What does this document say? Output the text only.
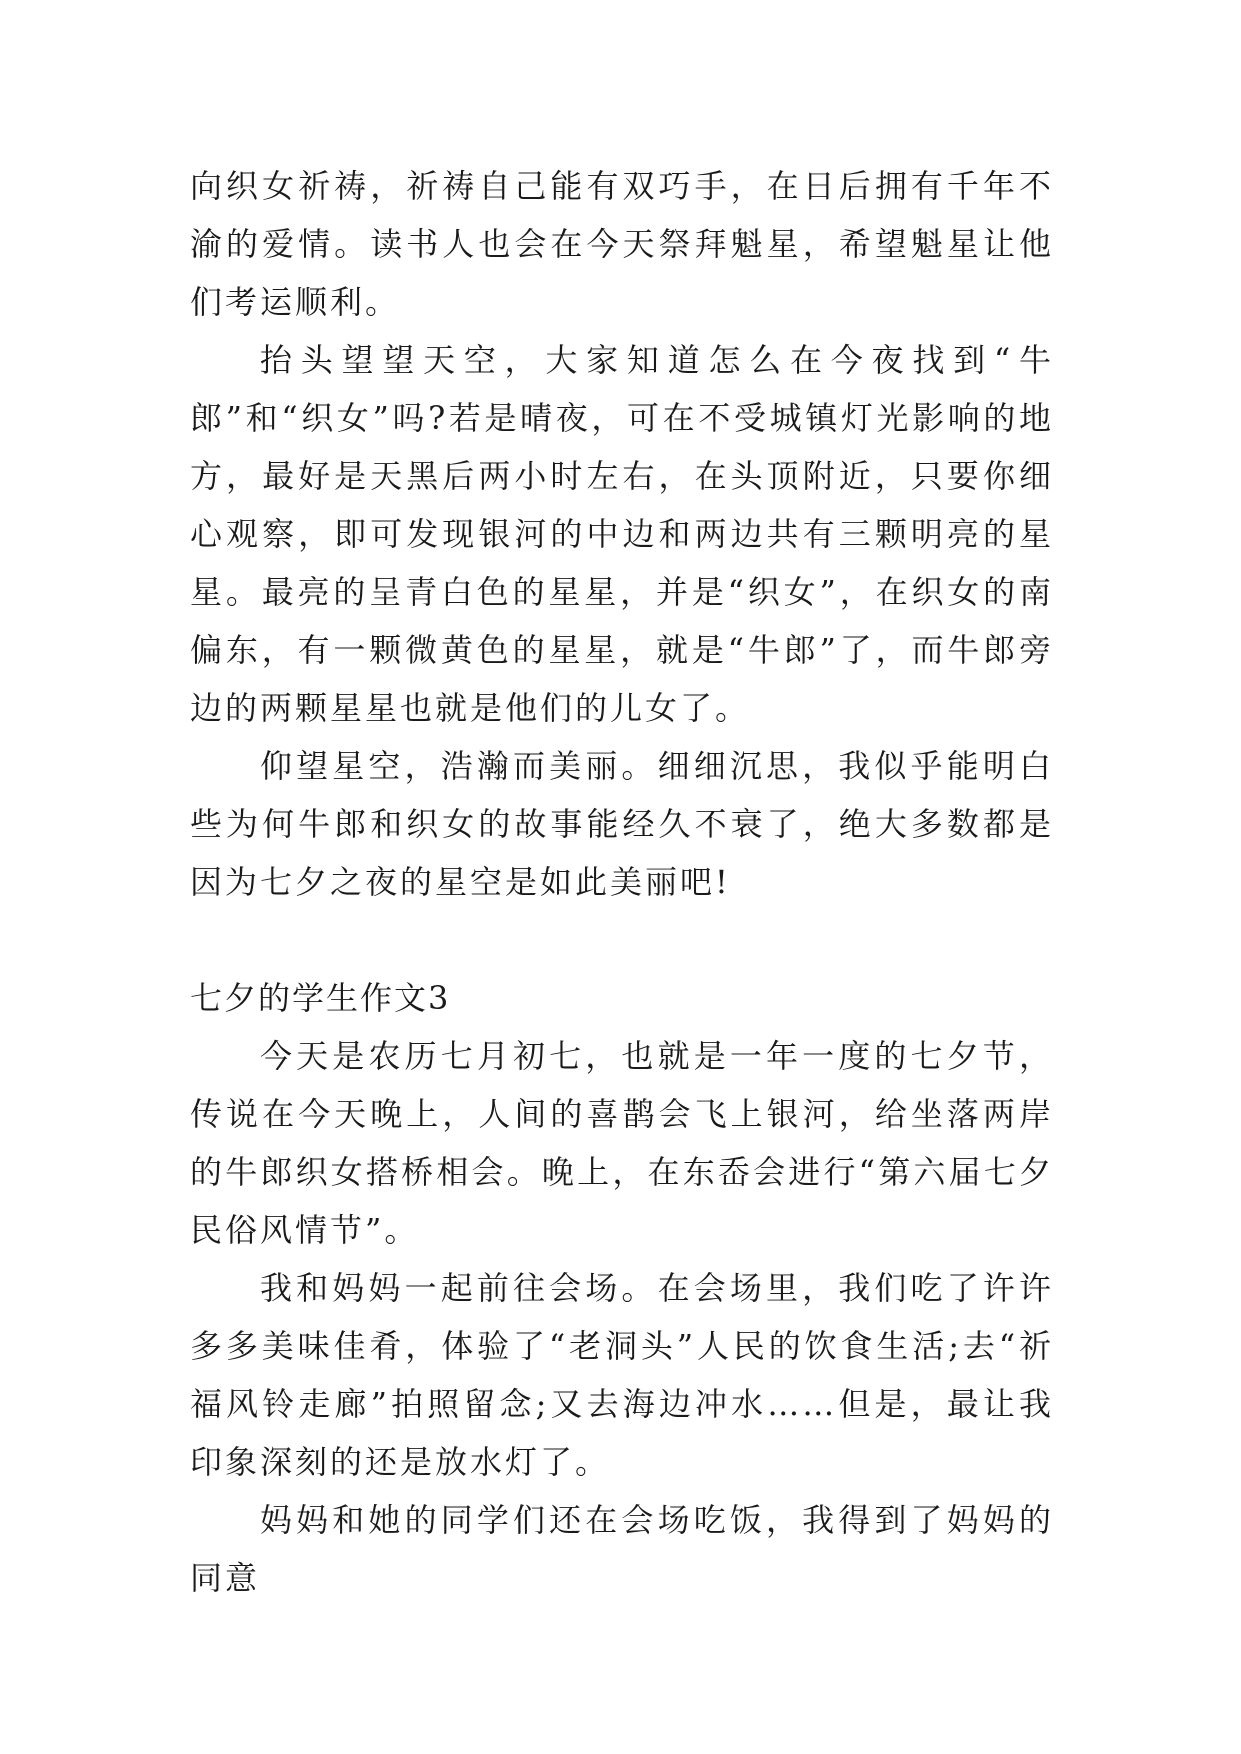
向织女祈祷，祈祷自己能有双巧手，在日后拥有千年不渝的爱情。读书人也会在今天祭拜魁星，希望魁星让他们考运顺利。

抬头望望天空，大家知道怎么在今夜找到“牛郎”和“织女”吗?若是晴夜，可在不受城镇灯光影响的地方，最好是天黑后两小时左右，在头顶附近，只要你细心观察，即可发现银河的中边和两边共有三颗明亮的星星。最亮的呈青白色的星星，并是“织女”，在织女的南偏东，有一颗微黄色的星星，就是“牛郎”了，而牛郎旁边的两颗星星也就是他们的儿女了。

仰望星空，浩瀚而美丽。细细沉思，我似乎能明白些为何牛郎和织女的故事能经久不衰了，绝大多数都是因为七夕之夜的星空是如此美丽吧!

七夕的学生作文3

今天是农历七月初七，也就是一年一度的七夕节，传说在今天晚上，人间的喜鹊会飞上银河，给坐落两岸的牛郎织女搭桥相会。晚上，在东岙会进行“第六届七夕民俗风情节”。

我和妈妈一起前往会场。在会场里，我们吃了许许多多美味佳肴，体验了“老洞头”人民的饮食生活;去“祈福风铃走廊”拍照留念;又去海边冲水……但是，最让我印象深刻的还是放水灯了。

妈妈和她的同学们还在会场吃饭，我得到了妈妈的同意
